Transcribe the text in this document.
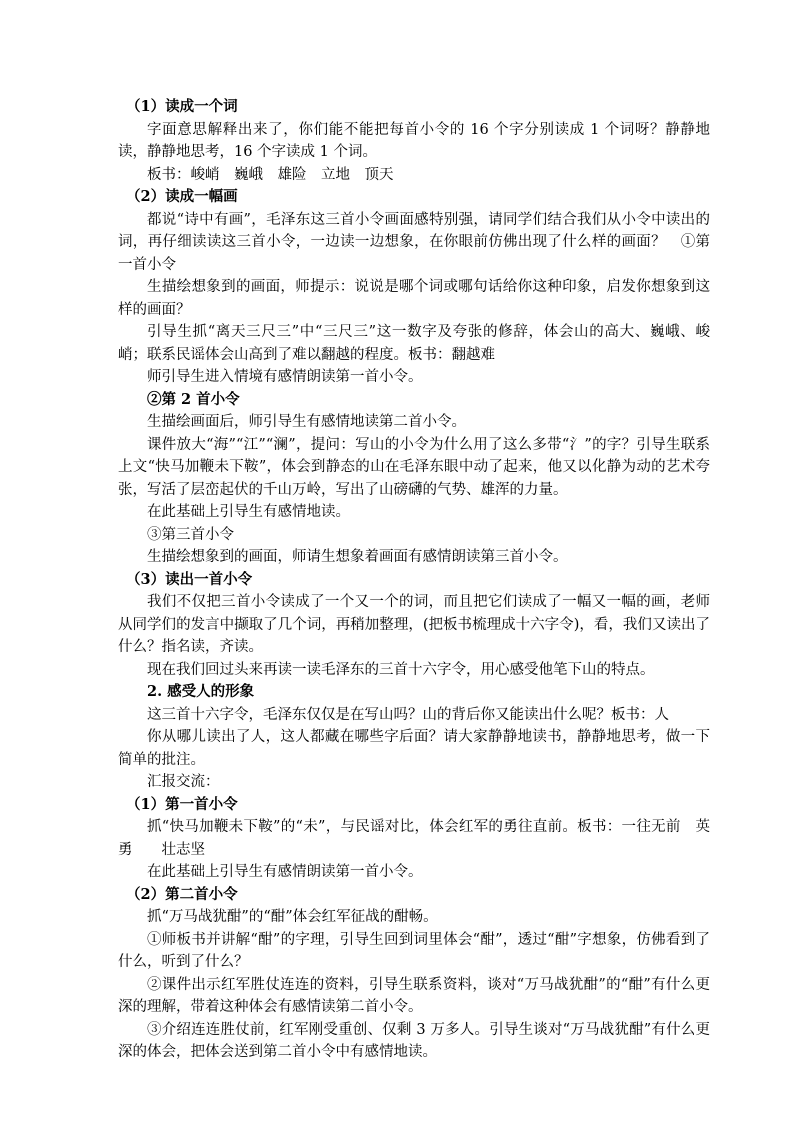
（1）读成一个词

字面意思解释出来了，你们能不能把每首小令的 16 个字分别读成 1 个词呀？静静地读，静静地思考，16 个字读成 1 个词。

板书：峻峭　巍峨　雄险　立地　顶天

（2）读成一幅画

都说“诗中有画”，毛泽东这三首小令画面感特别强，请同学们结合我们从小令中读出的词，再仔细读读这三首小令，一边读一边想象，在你眼前仿佛出现了什么样的画面？　①第一首小令

生描绘想象到的画面，师提示：说说是哪个词或哪句话给你这种印象，启发你想象到这样的画面？

引导生抓“离天三尺三”中“三尺三”这一数字及夸张的修辞，体会山的高大、巍峨、峻峭；联系民谣体会山高到了难以翻越的程度。板书：翻越难

师引导生进入情境有感情朗读第一首小令。

②第 2 首小令

生描绘画面后，师引导生有感情地读第二首小令。

课件放大“海”“江”“澜”，提问：写山的小令为什么用了这么多带“氵”的字？引导生联系上文“快马加鞭未下鞍”，体会到静态的山在毛泽东眼中动了起来，他又以化静为动的艺术夸张，写活了层峦起伏的千山万岭，写出了山磅礴的气势、雄浑的力量。

在此基础上引导生有感情地读。

③第三首小令

生描绘想象到的画面，师请生想象着画面有感情朗读第三首小令。

（3）读出一首小令

我们不仅把三首小令读成了一个又一个的词，而且把它们读成了一幅又一幅的画，老师从同学们的发言中撷取了几个词，再稍加整理，(把板书梳理成十六字令)，看，我们又读出了什么？指名读，齐读。

现在我们回过头来再读一读毛泽东的三首十六字令，用心感受他笔下山的特点。

2. 感受人的形象

这三首十六字令，毛泽东仅仅是在写山吗？山的背后你又能读出什么呢？板书：人

你从哪儿读出了人，这人都藏在哪些字后面？请大家静静地读书，静静地思考，做一下简单的批注。

汇报交流：

（1）第一首小令

抓“快马加鞭未下鞍”的“未”，与民谣对比，体会红军的勇往直前。板书：一往无前　英勇　　壮志坚

在此基础上引导生有感情朗读第一首小令。

（2）第二首小令

抓“万马战犹酣”的“酣”体会红军征战的酣畅。

①师板书并讲解“酣”的字理，引导生回到词里体会“酣”，透过“酣”字想象，仿佛看到了什么，听到了什么？

②课件出示红军胜仗连连的资料，引导生联系资料，谈对“万马战犹酣”的“酣”有什么更深的理解，带着这种体会有感情读第二首小令。

③介绍连连胜仗前，红军刚受重创、仅剩 3 万多人。引导生谈对“万马战犹酣”有什么更深的体会，把体会送到第二首小令中有感情地读。
